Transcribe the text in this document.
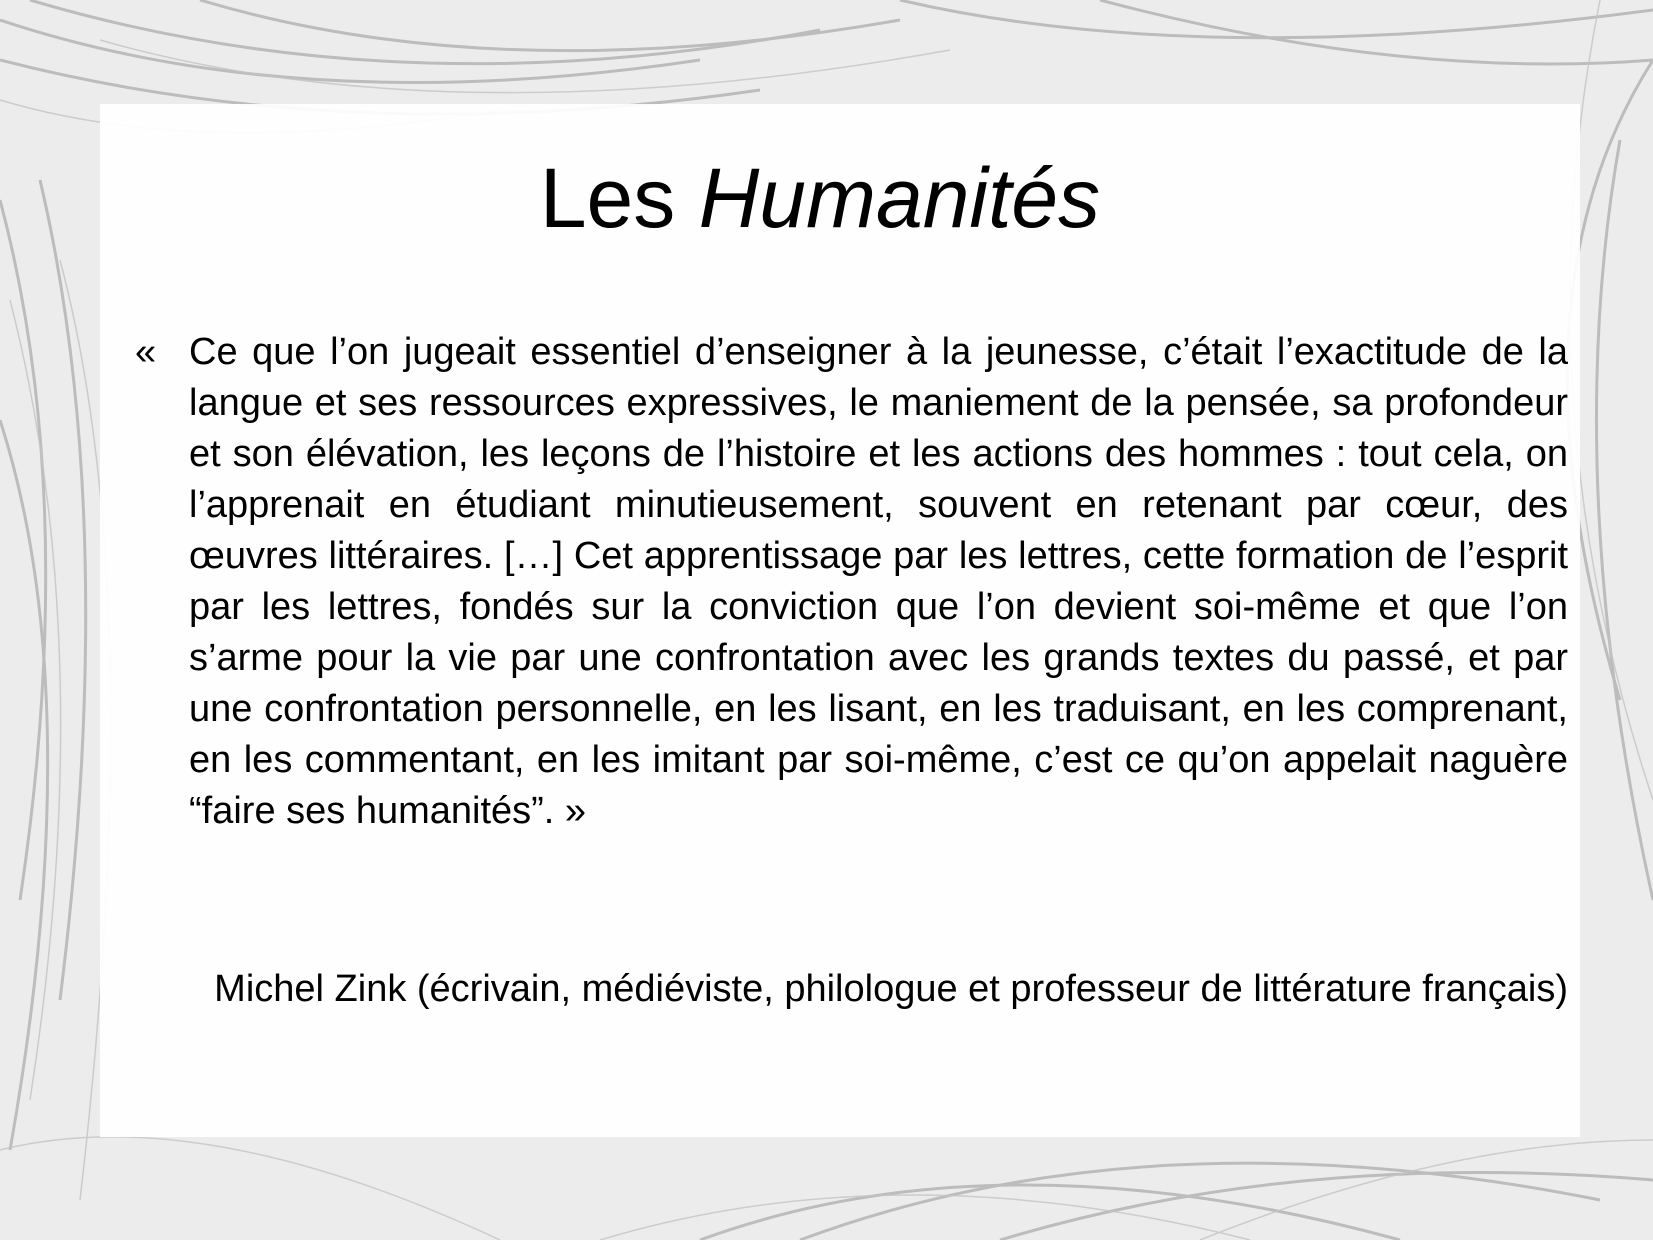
Les Humanités
« Ce que l’on jugeait essentiel d’enseigner à la jeunesse, c’était l’exactitude de la langue et ses ressources expressives, le maniement de la pensée, sa profondeur et son élévation, les leçons de l’histoire et les actions des hommes : tout cela, on l’apprenait en étudiant minutieusement, souvent en retenant par cœur, des œuvres littéraires. […] Cet apprentissage par les lettres, cette formation de l’esprit par les lettres, fondés sur la conviction que l’on devient soi-même et que l’on s’arme pour la vie par une confrontation avec les grands textes du passé, et par une confrontation personnelle, en les lisant, en les traduisant, en les comprenant, en les commentant, en les imitant par soi-même, c’est ce qu’on appelait naguère “faire ses humanités”. »

Michel Zink (écrivain, médiéviste, philologue et professeur de littérature français)
